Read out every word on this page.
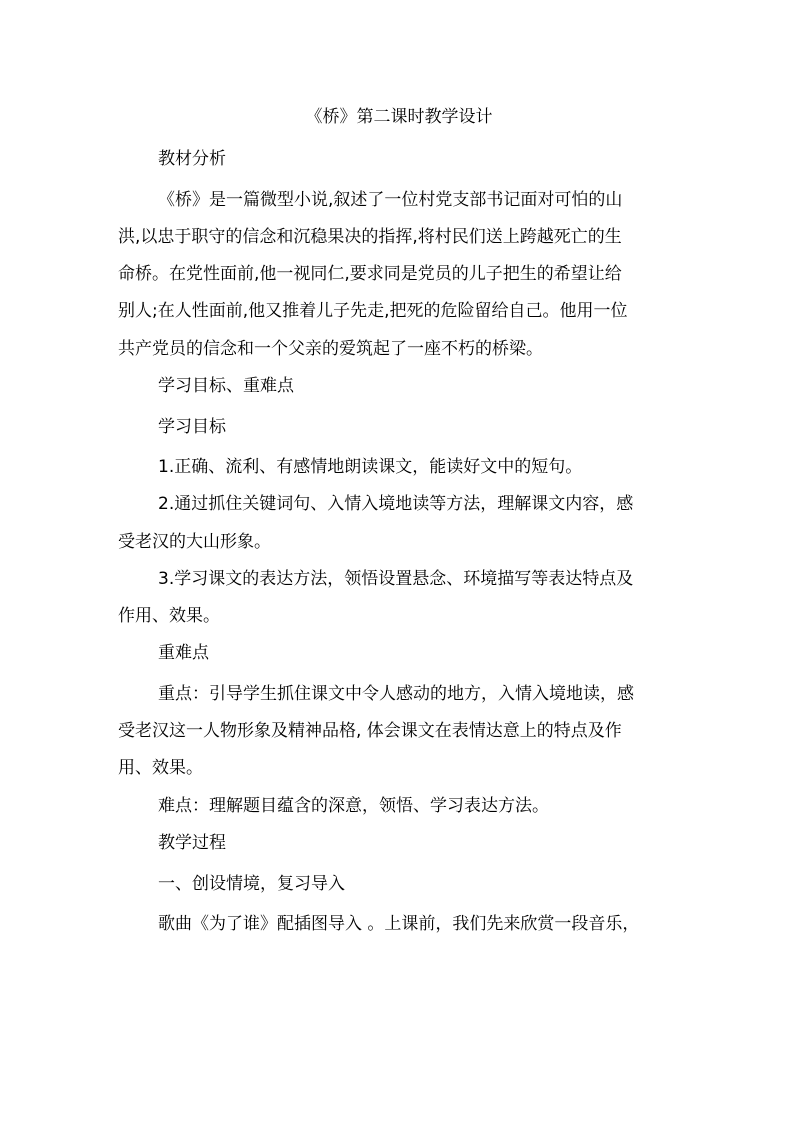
《桥》第二课时教学设计
教材分析
《桥》是一篇微型小说,叙述了一位村党支部书记面对可怕的山
洪,以忠于职守的信念和沉稳果决的指挥,将村民们送上跨越死亡的生
命桥。在党性面前,他一视同仁,要求同是党员的儿子把生的希望让给
别人;在人性面前,他又推着儿子先走,把死的危险留给自己。他用一位
共产党员的信念和一个父亲的爱筑起了一座不朽的桥梁。
学习目标、重难点
学习目标
1.正确、流利、有感情地朗读课文，能读好文中的短句。
2.通过抓住关键词句、入情入境地读等方法，理解课文内容，感
受老汉的大山形象。
3.学习课文的表达方法，领悟设置悬念、环境描写等表达特点及
作用、效果。
重难点
重点：引导学生抓住课文中令人感动的地方，入情入境地读，感
受老汉这一人物形象及精神品格, 体会课文在表情达意上的特点及作
用、效果。
难点：理解题目蕴含的深意，领悟、学习表达方法。
教学过程
一、创设情境，复习导入
歌曲《为了谁》配插图导入 。上课前，我们先来欣赏一段音乐，
